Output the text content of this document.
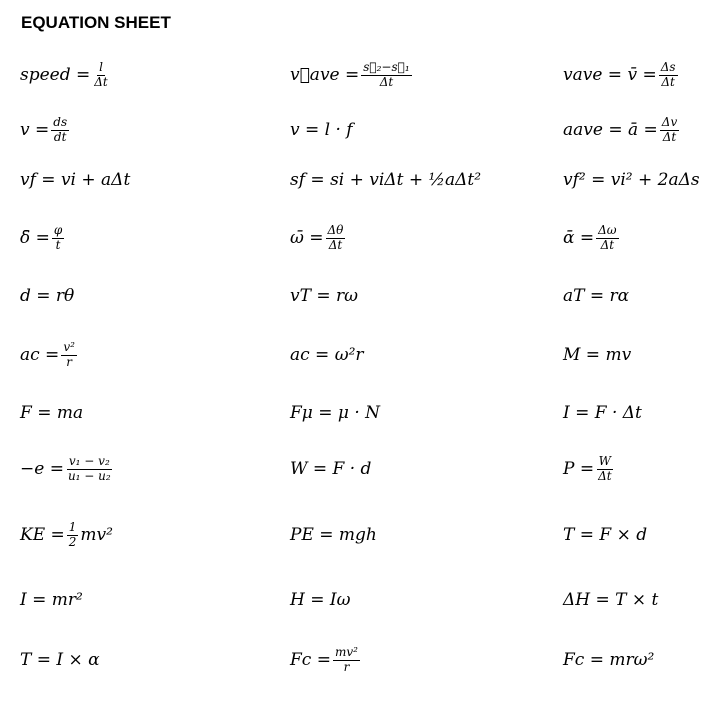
EQUATION SHEET
speed = $\frac{l}{\Delta t}$	v⃗ave = $\frac{\text{s⃗₂−s⃗₁}}{\Delta t}$	vave = v̄ = $\frac{\Delta s}{\Delta t}$
$v = \frac{ds}{dt}$	v = l · f	aave = ā = $\frac{\Delta v}{\Delta t}$
vf = vi + aΔt	sf = si + viΔt + ½aΔt²	vf² = vi² + 2aΔs
δ̄ = $\frac{\varphi}{t}$	ω̄ = $\frac{\Delta\theta}{\Delta t}$	ᾱ = $\frac{\Delta\omega}{\Delta t}$
d = rθ	vT = rω	aT = rα
ac = $\frac{\text{v²}}{r}$	ac = ω²r	M = mv
F = ma	Fμ = μ · N	I = F · Δt
$-e = \frac{\text{v₁ − v₂}}{\text{u₁ − u₂}}$	W = F · d	$P = \frac{W}{\Delta t}$
KE = $\frac{1}{2} mv^2$	PE = mgh	T = F × d
I = mr²	H = Iω	ΔH = T × t
T = I × α	$Fc = \frac{\text{mv²}}{r}$	Fc = mrω²
